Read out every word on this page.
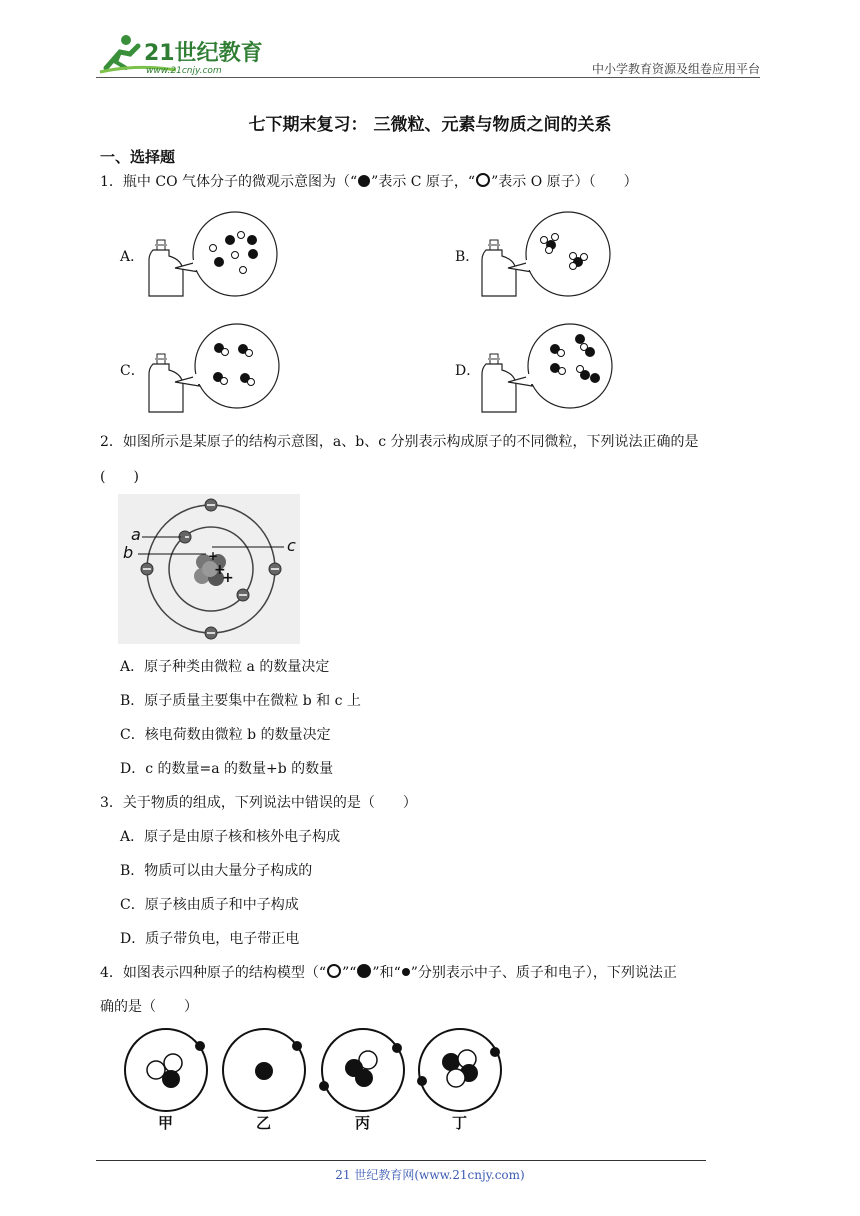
21世纪教育
www.21cnjy.com	中小学教育资源及组卷应用平台
七下期末复习： 三微粒、元素与物质之间的关系
一、选择题
1．瓶中 CO 气体分子的微观示意图为（“ ”表示 C 原子，“ ”表示 O 原子）（　　）
A．	B．
C．	D．
2．如图所示是某原子的结构示意图，a、b、c 分别表示构成原子的不同微粒，下列说法正确的是
(　　)
+
+
+
a
b	c
A．原子种类由微粒 a 的数量决定
B．原子质量主要集中在微粒 b 和 c 上
C．核电荷数由微粒 b 的数量决定
D．c 的数量=a 的数量+b 的数量
3．关于物质的组成，下列说法中错误的是（　　）
A．原子是由原子核和核外电子构成
B．物质可以由大量分子构成的
C．原子核由质子和中子构成
D．质子带负电，电子带正电
4．如图表示四种原子的结构模型（“ ”“ ”和“ ”分别表示中子、质子和电子），下列说法正
确的是（　　）
甲	乙	丙	丁
21 世纪教育网(www.21cnjy.com)
